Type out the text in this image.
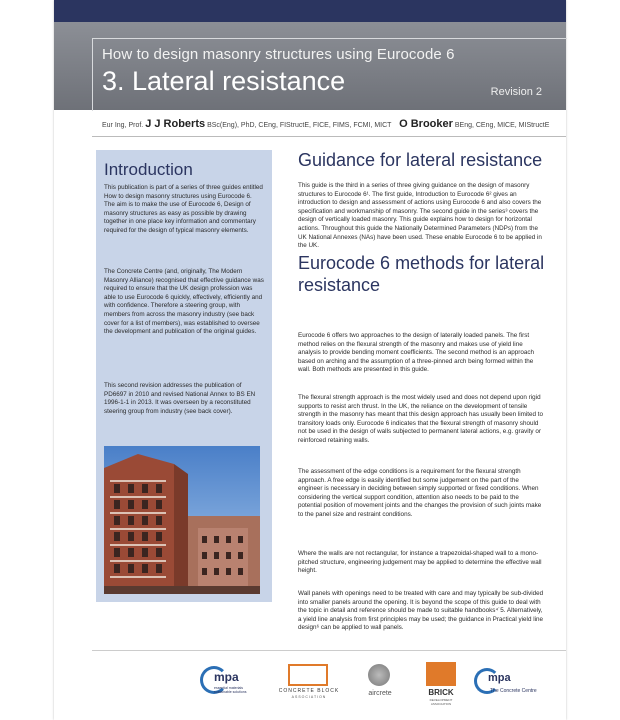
How to design masonry structures using Eurocode 6
3. Lateral resistance	Revision 2
Eur Ing, Prof. J J Roberts BSc(Eng), PhD, CEng, FIStructE, FICE, FIMS, FCMI, MICT O Brooker BEng, CEng, MICE, MIStructE
Introduction
This publication is part of a series of three guides entitled How to design masonry structures using Eurocode 6. The aim is to make the use of Eurocode 6, Design of masonry structures as easy as possible by drawing together in one place key information and commentary required for the design of typical masonry elements.
The Concrete Centre (and, originally, The Modern Masonry Alliance) recognised that effective guidance was required to ensure that the UK design profession was able to use Eurocode 6 quickly, effectively, efficiently and with confidence. Therefore a steering group, with members from across the masonry industry (see back cover for a list of members), was established to oversee the development and publication of the original guides.
This second revision addresses the publication of PD6697 in 2010 and revised National Annex to BS EN 1996-1-1 in 2013. It was overseen by a reconstituted steering group from industry (see back cover).
Guidance for lateral resistance
This guide is the third in a series of three giving guidance on the design of masonry structures to Eurocode 6¹. The first guide, Introduction to Eurocode 6² gives an introduction to design and assessment of actions using Eurocode 6 and also covers the specification and workmanship of masonry. The second guide in the series³ covers the design of vertically loaded masonry. This guide explains how to design for horizontal actions. Throughout this guide the Nationally Determined Parameters (NDPs) from the UK National Annexes (NAs) have been used. These enable Eurocode 6 to be applied in the UK.
Eurocode 6 methods for lateral resistance
Eurocode 6 offers two approaches to the design of laterally loaded panels. The first method relies on the flexural strength of the masonry and makes use of yield line analysis to provide bending moment coefficients. The second method is an approach based on arching and the assumption of a three-pinned arch being formed within the wall. Both methods are presented in this guide.
The flexural strength approach is the most widely used and does not depend upon rigid supports to resist arch thrust. In the UK, the reliance on the development of tensile strength in the masonry has meant that this design approach has usually been limited to transitory loads only. Eurocode 6 indicates that the flexural strength of masonry should not be used in the design of walls subjected to permanent lateral actions, e.g. gravity or reinforced retaining walls.
The assessment of the edge conditions is a requirement for the flexural strength approach. A free edge is easily identified but some judgement on the part of the engineer is necessary in deciding between simply supported or fixed conditions. When considering the vertical support condition, attention also needs to be paid to the potential position of movement joints and the changes the provision of such joints make to the panel size and restraint conditions.
Where the walls are not rectangular, for instance a trapezoidal-shaped wall to a mono-pitched structure, engineering judgement may be applied to determine the effective wall height.
Wall panels with openings need to be treated with care and may typically be sub-divided into smaller panels around the opening. It is beyond the scope of this guide to deal with the topic in detail and reference should be made to suitable handbooks⁴˙5. Alternatively, a yield line analysis from first principles may be used; the guidance in Practical yield line design⁶ can be applied to wall panels.
mpa
essential materials sustainable solutions	CONCRETE BLOCK
ASSOCIATION	aircrete	BRICK
DEVELOPMENT ASSOCIATION
mpa
The Concrete Centre
